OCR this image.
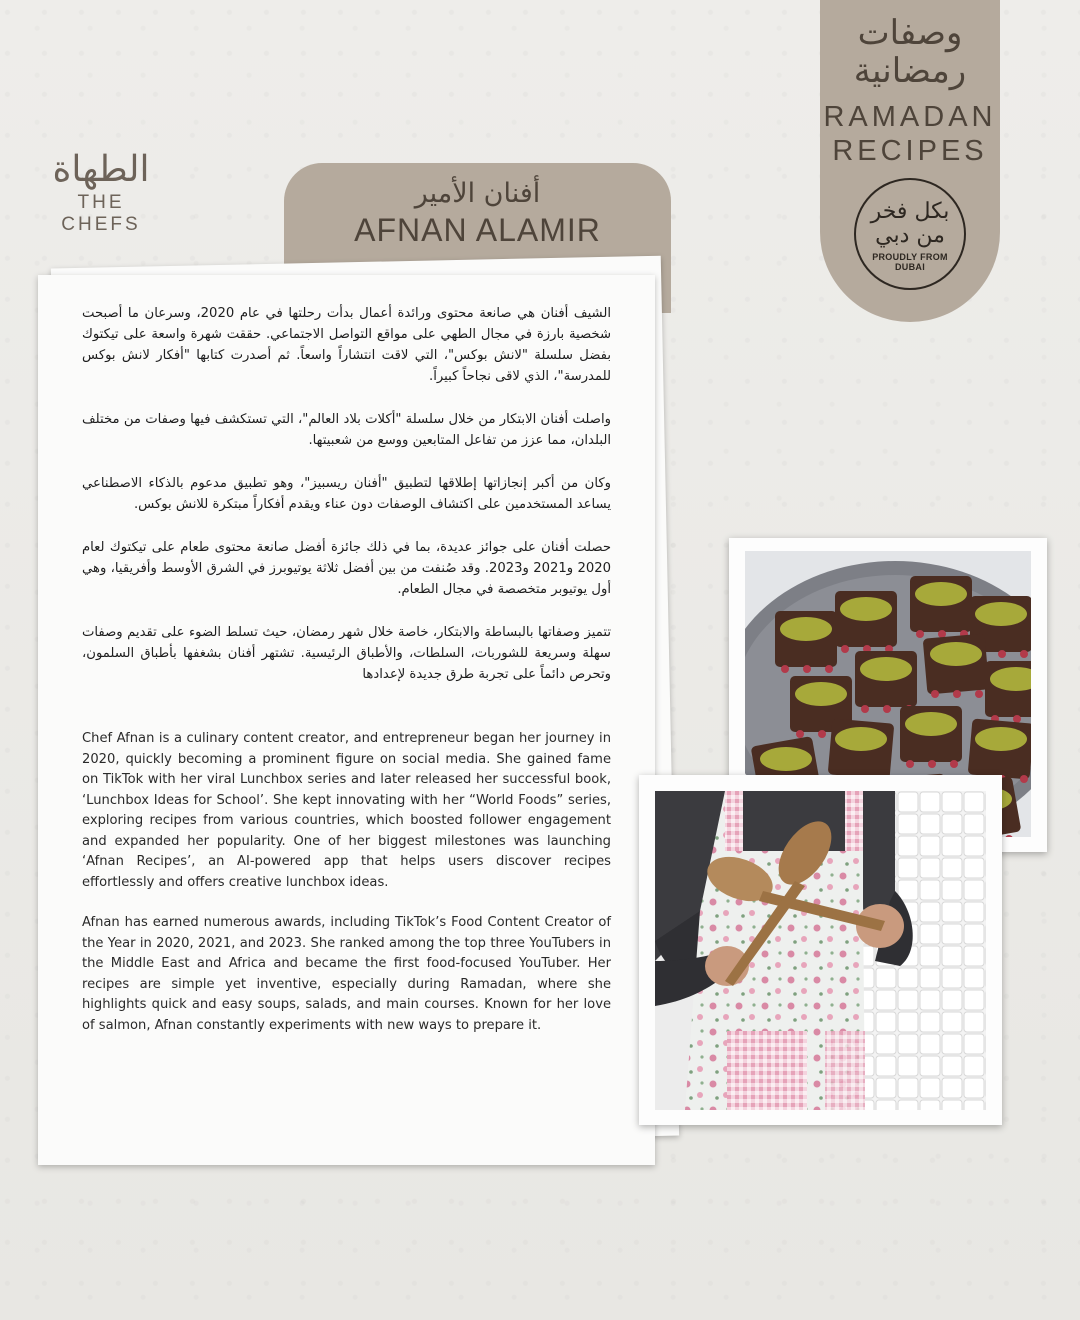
الطهاة
THE CHEFS
وصفات
رمضانية
RAMADAN
RECIPES
بكل فخر
من دبي
PROUDLY FROM DUBAI
أفنان الأمير
AFNAN ALAMIR

الشيف أفنان هي صانعة محتوى ورائدة أعمال بدأت رحلتها في عام 2020، وسرعان ما أصبحت شخصية بارزة في مجال الطهي على مواقع التواصل الاجتماعي. حققت شهرة واسعة على تيكتوك بفضل سلسلة "لانش بوكس"، التي لاقت انتشاراً واسعاً. ثم أصدرت كتابها "أفكار لانش بوكس للمدرسة"، الذي لاقى نجاحاً كبيراً.

واصلت أفنان الابتكار من خلال سلسلة "أكلات بلاد العالم"، التي تستكشف فيها وصفات من مختلف البلدان، مما عزز من تفاعل المتابعين ووسع من شعبيتها.

وكان من أكبر إنجازاتها إطلاقها لتطبيق "أفنان ريسبيز"، وهو تطبيق مدعوم بالذكاء الاصطناعي يساعد المستخدمين على اكتشاف الوصفات دون عناء ويقدم أفكاراً مبتكرة للانش بوكس.

حصلت أفنان على جوائز عديدة، بما في ذلك جائزة أفضل صانعة محتوى طعام على تيكتوك لعام 2020 و2021 و2023. وقد صُنفت من بين أفضل ثلاثة يوتيوبرز في الشرق الأوسط وأفريقيا، وهي أول يوتيوبر متخصصة في مجال الطعام.

تتميز وصفاتها بالبساطة والابتكار، خاصة خلال شهر رمضان، حيث تسلط الضوء على تقديم وصفات سهلة وسريعة للشوربات، السلطات، والأطباق الرئيسية. تشتهر أفنان بشغفها بأطباق السلمون، وتحرص دائماً على تجربة طرق جديدة لإعدادها

Chef Afnan is a culinary content creator, and entrepreneur began her journey in 2020, quickly becoming a prominent figure on social media. She gained fame on TikTok with her viral Lunchbox series and later released her successful book, ‘Lunchbox Ideas for School’. She kept innovating with her “World Foods” series, exploring recipes from various countries, which boosted follower engagement and expanded her popularity. One of her biggest milestones was launching ‘Afnan Recipes’, an AI-powered app that helps users discover recipes effortlessly and offers creative lunchbox ideas.

Afnan has earned numerous awards, including TikTok’s Food Content Creator of the Year in 2020, 2021, and 2023. She ranked among the top three YouTubers in the Middle East and Africa and became the first food-focused YouTuber. Her recipes are simple yet inventive, especially during Ramadan, where she highlights quick and easy soups, salads, and main courses. Known for her love of salmon, Afnan constantly experiments with new ways to prepare it.
